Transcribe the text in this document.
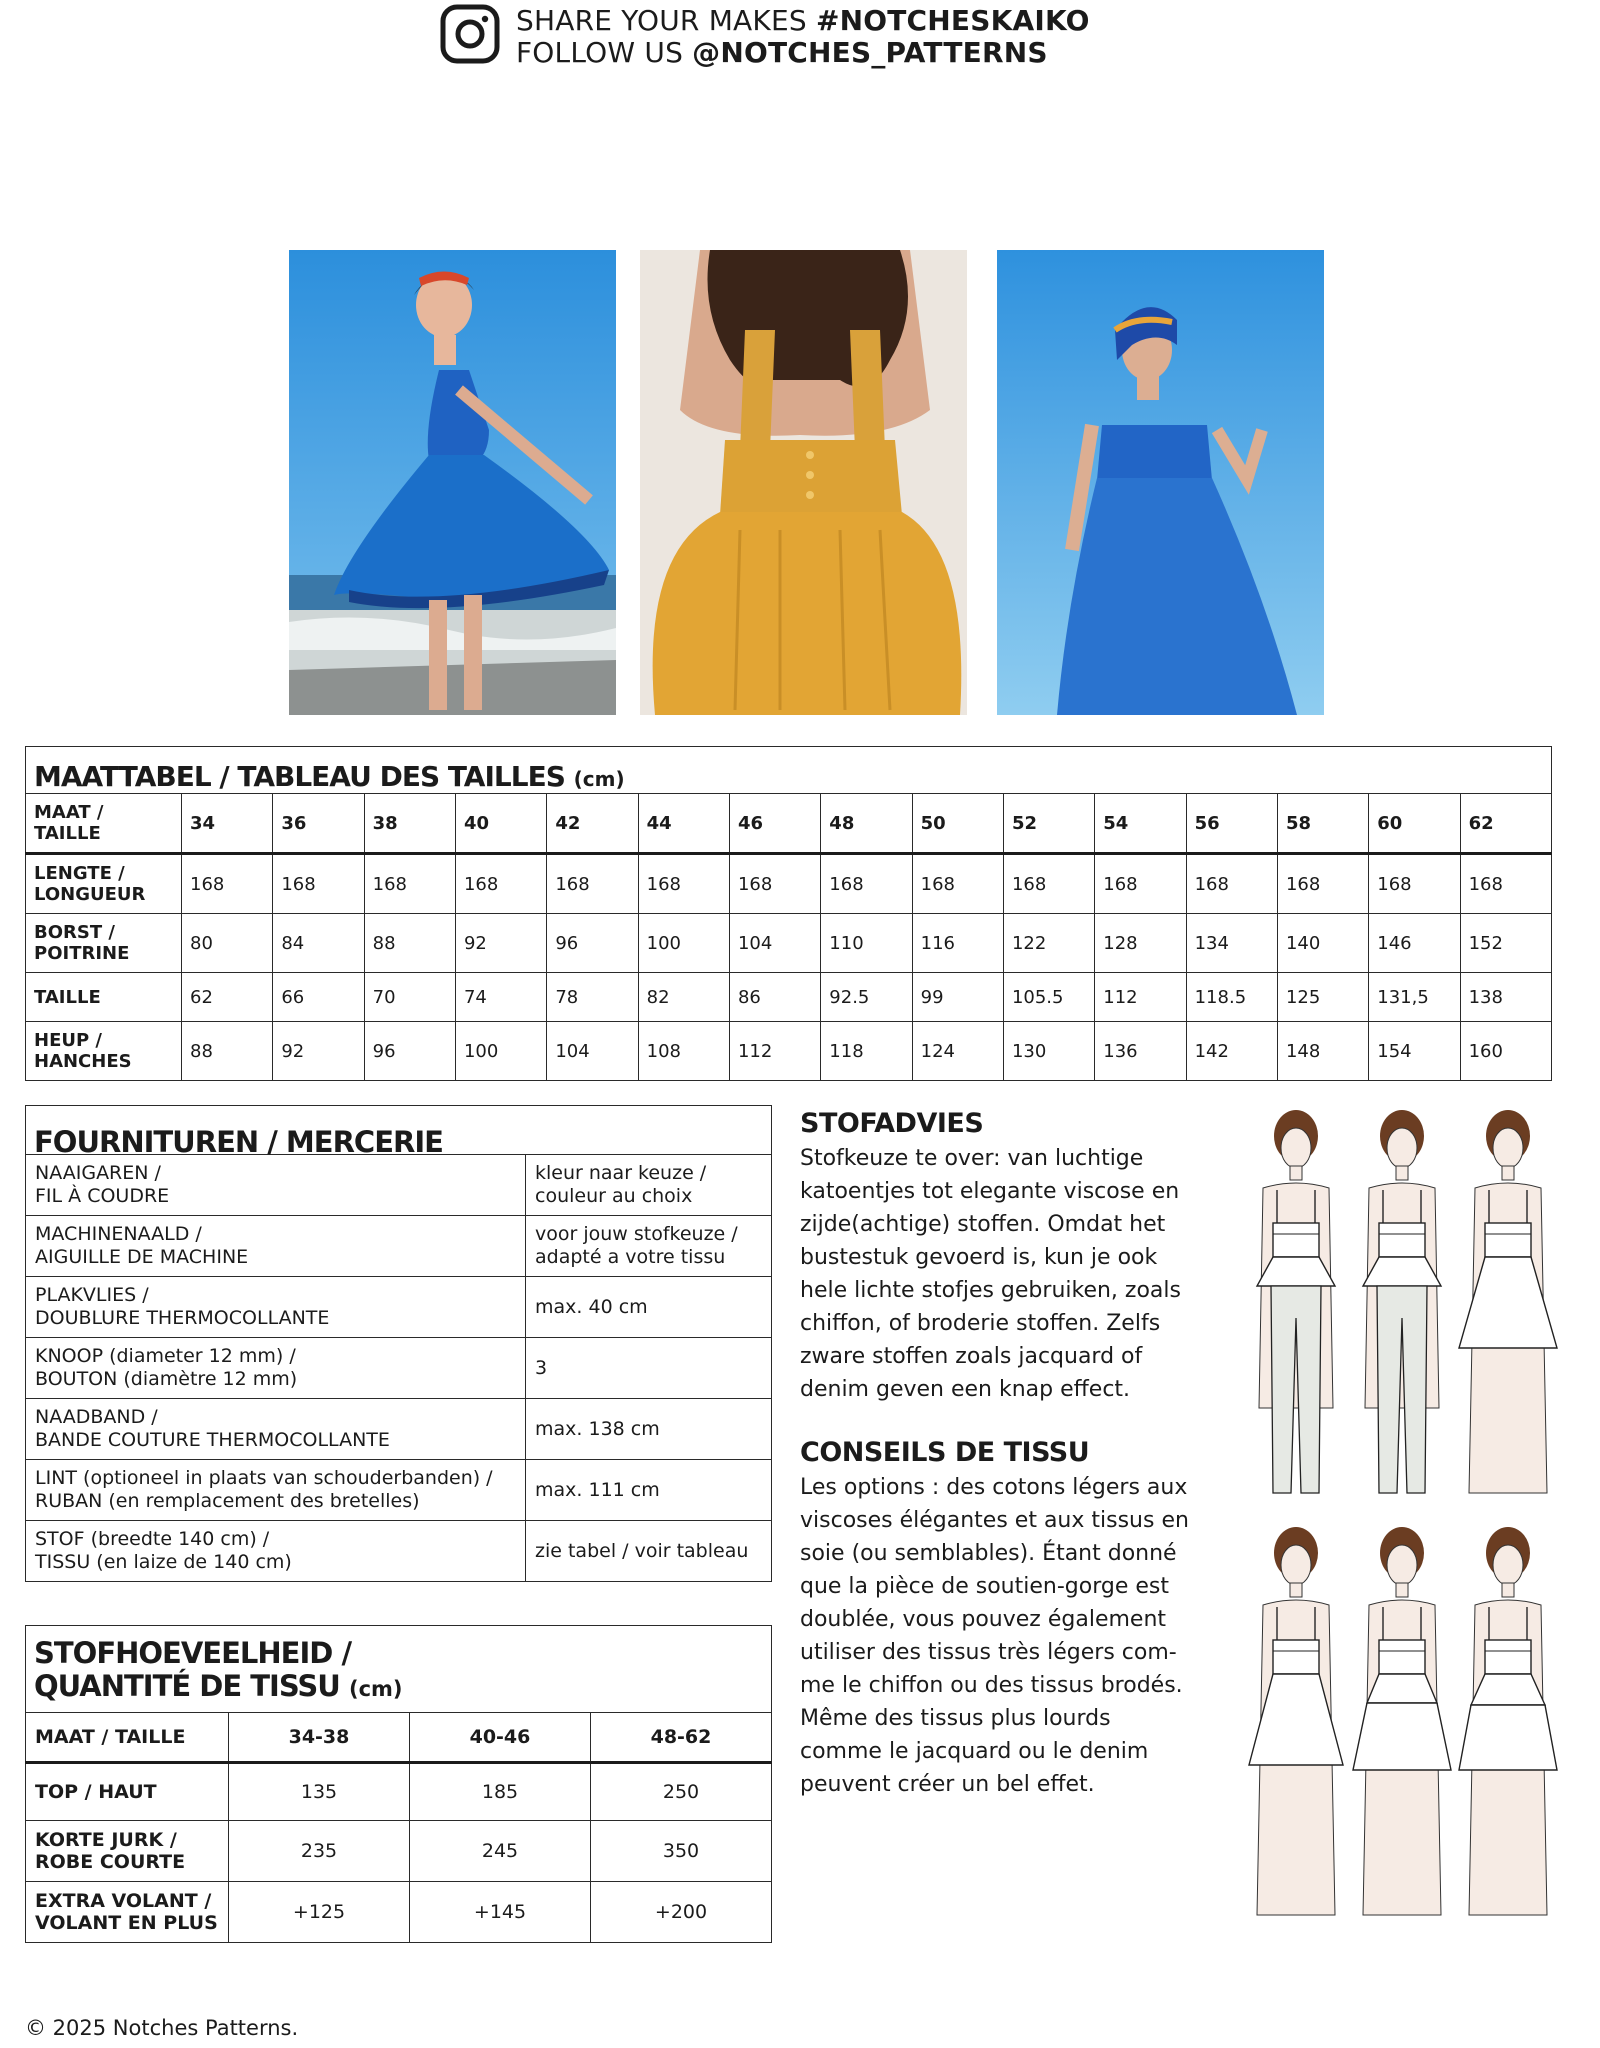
SHARE YOUR MAKES #NOTCHESKAIKO
FOLLOW US @NOTCHES_PATTERNS
MAATTABEL / TABLEAU DES TAILLES (cm)															
MAAT / TAILLE	34	36	38	40	42	44	46	48	50	52	54	56	58	60	62
LENGTE / LONGUEUR	168	168	168	168	168	168	168	168	168	168	168	168	168	168	168
BORST / POITRINE	80	84	88	92	96	100	104	110	116	122	128	134	140	146	152
TAILLE	62	66	70	74	78	82	86	92.5	99	105.5	112	118.5	125	131,5	138
HEUP / HANCHES	88	92	96	100	104	108	112	118	124	130	136	142	148	154	160
FOURNITUREN / MERCERIE	
NAAIGAREN /
FIL À COUDRE	kleur naar keuze /
couleur au choix
MACHINENAALD /
AIGUILLE DE MACHINE	voor jouw stofkeuze /
adapté a votre tissu
PLAKVLIES /
DOUBLURE THERMOCOLLANTE	max. 40 cm
KNOOP (diameter 12 mm) /
BOUTON (diamètre 12 mm)	3
NAADBAND /
BANDE COUTURE THERMOCOLLANTE	max. 138 cm
LINT (optioneel in plaats van schouderbanden) /
RUBAN (en remplacement des bretelles)	max. 111 cm
STOF (breedte 140 cm) /
TISSU (en laize de 140 cm)	zie tabel / voir tableau
STOFHOEVEELHEID /
QUANTITÉ DE TISSU (cm)			
MAAT / TAILLE	34-38	40-46	48-62
TOP / HAUT	135	185	250
KORTE JURK /
ROBE COURTE	235	245	350
EXTRA VOLANT /
VOLANT EN PLUS	+125	+145	+200
STOFADVIES
Stofkeuze te over: van luchtige
katoentjes tot elegante viscose en
zijde(achtige) stoffen. Omdat het
bustestuk gevoerd is, kun je ook
hele lichte stofjes gebruiken, zoals
chiffon, of broderie stoffen. Zelfs
zware stoffen zoals jacquard of
denim geven een knap effect.
CONSEILS DE TISSU
Les options : des cotons légers aux
viscoses élégantes et aux tissus en
soie (ou semblables). Étant donné
que la pièce de soutien-gorge est
doublée, vous pouvez également
utiliser des tissus très légers com-
me le chiffon ou des tissus brodés.
Même des tissus plus lourds
comme le jacquard ou le denim
peuvent créer un bel effet.
© 2025 Notches Patterns.
